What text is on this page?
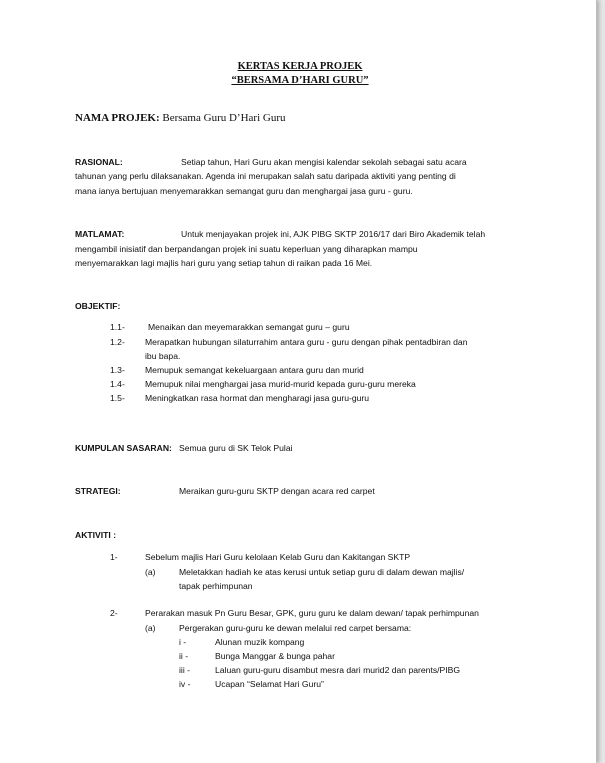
KERTAS KERJA PROJEK
“BERSAMA D’HARI GURU”
NAMA PROJEK: Bersama Guru D’Hari Guru
RASIONAL:	Setiap tahun, Hari Guru akan mengisi kalendar sekolah sebagai satu acara
tahunan yang perlu dilaksanakan. Agenda ini merupakan salah satu daripada aktiviti yang penting di
mana ianya bertujuan menyemarakkan semangat guru dan menghargai jasa guru - guru.
MATLAMAT:	Untuk menjayakan projek ini, AJK PIBG SKTP 2016/17 dari Biro Akademik telah
mengambil inisiatif dan berpandangan projek ini suatu keperluan yang diharapkan mampu
menyemarakkan lagi majlis hari guru yang setiap tahun di raikan pada 16 Mei.
OBJEKTIF:
1.1-	Menaikan dan meyemarakkan semangat guru – guru
1.2- Merapatkan hubungan silaturrahim antara guru - guru dengan pihak pentadbiran dan
ibu bapa.
1.3- Memupuk semangat kekeluargaan antara guru dan murid
1.4- Memupuk nilai menghargai jasa murid-murid kepada guru-guru mereka
1.5- Meningkatkan rasa hormat dan mengharagi jasa guru-guru
KUMPULAN SASARAN: Semua guru di SK Telok Pulai
STRATEGI:	Meraikan guru-guru SKTP dengan acara red carpet
AKTIVITI :
1-	Sebelum majlis Hari Guru kelolaan Kelab Guru dan Kakitangan SKTP
(a)	Meletakkan hadiah ke atas kerusi untuk setiap guru di dalam dewan majlis/
tapak perhimpunan
2-	Perarakan masuk Pn Guru Besar, GPK, guru guru ke dalam dewan/ tapak perhimpunan
(a)	Pergerakan guru-guru ke dewan melalui red carpet bersama:
i -	Alunan muzik kompang
ii -	Bunga Manggar & bunga pahar
iii -	Laluan guru-guru disambut mesra dari murid2 dan parents/PIBG
iv -	Ucapan “Selamat Hari Guru”
